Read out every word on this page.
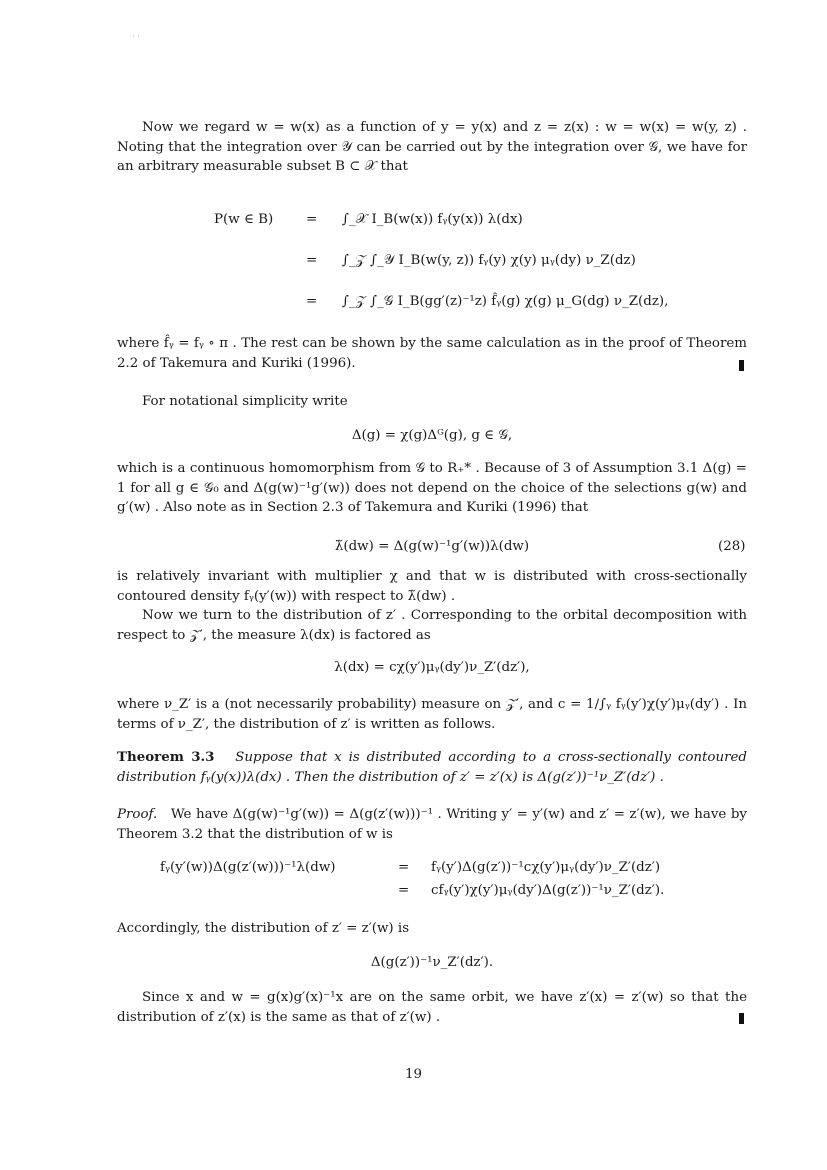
· ·

Now we regard w = w(x) as a function of y = y(x) and z = z(x) : w = w(x) = w(y, z) . Noting that the integration over 𝒴 can be carried out by the integration over 𝒢, we have for an arbitrary measurable subset B ⊂ 𝒳 that

P(w ∈ B) = ∫_𝒳 I_B(w(x)) fᵧ(y(x)) λ(dx)
= ∫_𝒵 ∫_𝒴 I_B(w(y, z)) fᵧ(y) χ(y) μᵧ(dy) ν_Z(dz)
= ∫_𝒵 ∫_𝒢 I_B(gg′(z)⁻¹z) f̂ᵧ(g) χ(g) μ_G(dg) ν_Z(dz),

where f̂ᵧ = fᵧ ∘ π . The rest can be shown by the same calculation as in the proof of Theorem 2.2 of Takemura and Kuriki (1996).

For notational simplicity write

Δ(g) = χ(g)Δᴳ(g), g ∈ 𝒢,

which is a continuous homomorphism from 𝒢 to R₊* . Because of 3 of Assumption 3.1 Δ(g) = 1 for all g ∈ 𝒢₀ and Δ(g(w)⁻¹g′(w)) does not depend on the choice of the selections g(w) and g′(w) . Also note as in Section 2.3 of Takemura and Kuriki (1996) that

λ̃(dw) = Δ(g(w)⁻¹g′(w))λ(dw)	(28)

is relatively invariant with multiplier χ and that w is distributed with cross-sectionally contoured density fᵧ(y′(w)) with respect to λ̃(dw) .

Now we turn to the distribution of z′ . Corresponding to the orbital decomposition with respect to 𝒵′, the measure λ(dx) is factored as

λ(dx) = cχ(y′)μᵧ(dy′)ν_Z′(dz′),

where ν_Z′ is a (not necessarily probability) measure on 𝒵′, and c = 1/∫ᵧ fᵧ(y′)χ(y′)μᵧ(dy′) . In terms of ν_Z′, the distribution of z′ is written as follows.

Theorem 3.3 Suppose that x is distributed according to a cross-sectionally contoured distribution fᵧ(y(x))λ(dx) . Then the distribution of z′ = z′(x) is Δ(g(z′))⁻¹ν_Z′(dz′) .

Proof. We have Δ(g(w)⁻¹g′(w)) = Δ(g(z′(w)))⁻¹ . Writing y′ = y′(w) and z′ = z′(w), we have by Theorem 3.2 that the distribution of w is

fᵧ(y′(w))Δ(g(z′(w)))⁻¹λ(dw)	= fᵧ(y′)Δ(g(z′))⁻¹cχ(y′)μᵧ(dy′)ν_Z′(dz′)
= cfᵧ(y′)χ(y′)μᵧ(dy′)Δ(g(z′))⁻¹ν_Z′(dz′).

Accordingly, the distribution of z′ = z′(w) is

Δ(g(z′))⁻¹ν_Z′(dz′).

Since x and w = g(x)g′(x)⁻¹x are on the same orbit, we have z′(x) = z′(w) so that the distribution of z′(x) is the same as that of z′(w) .

19
